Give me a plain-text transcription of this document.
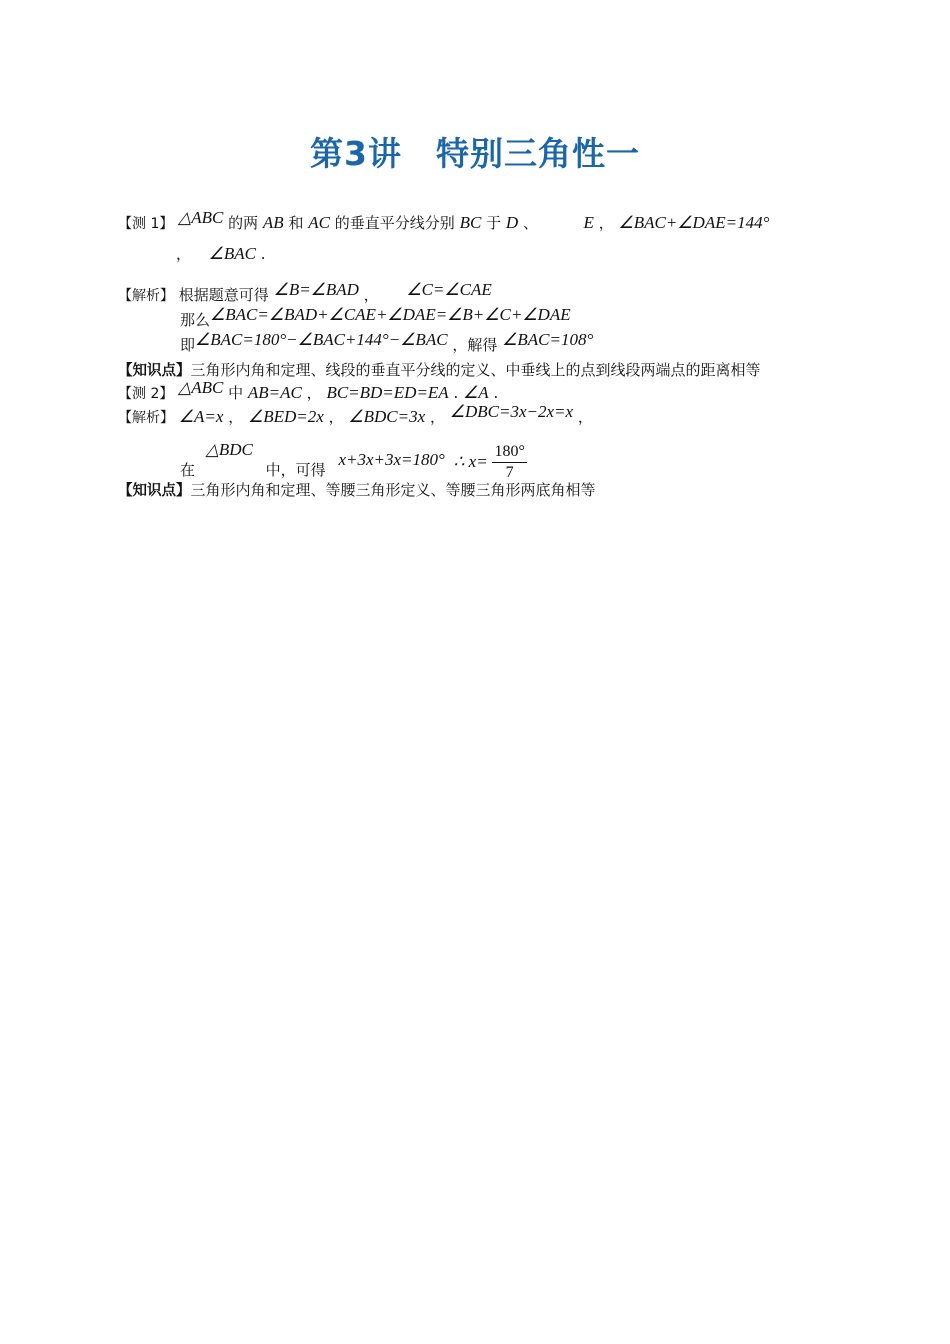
第3讲　特别三角性一
【测 1】 △ABC 的两 AB 和 AC 的垂直平分线分别 BC 于 D 、	E ， ∠BAC+∠DAE=144°
， ∠BAC .
【解析】 根据题意可得 ∠B=∠BAD ， ∠C=∠CAE
那么∠BAC=∠BAD+∠CAE+∠DAE=∠B+∠C+∠DAE
即∠BAC=180°−∠BAC+144°−∠BAC ，解得 ∠BAC=108°
【知识点】三角形内角和定理、线段的垂直平分线的定义、中垂线上的点到线段两端点的距离相等
【测 2】 △ABC 中 AB=AC ， BC=BD=ED=EA . ∠A .
【解析】 ∠A=x ， ∠BED=2x ， ∠BDC=3x ， ∠DBC=3x−2x=x ，
在 △BDC 中，可得 x+3x+3x=180° ∴ $x= \frac{180^\circ}{7}$
【知识点】三角形内角和定理、等腰三角形定义、等腰三角形两底角相等
